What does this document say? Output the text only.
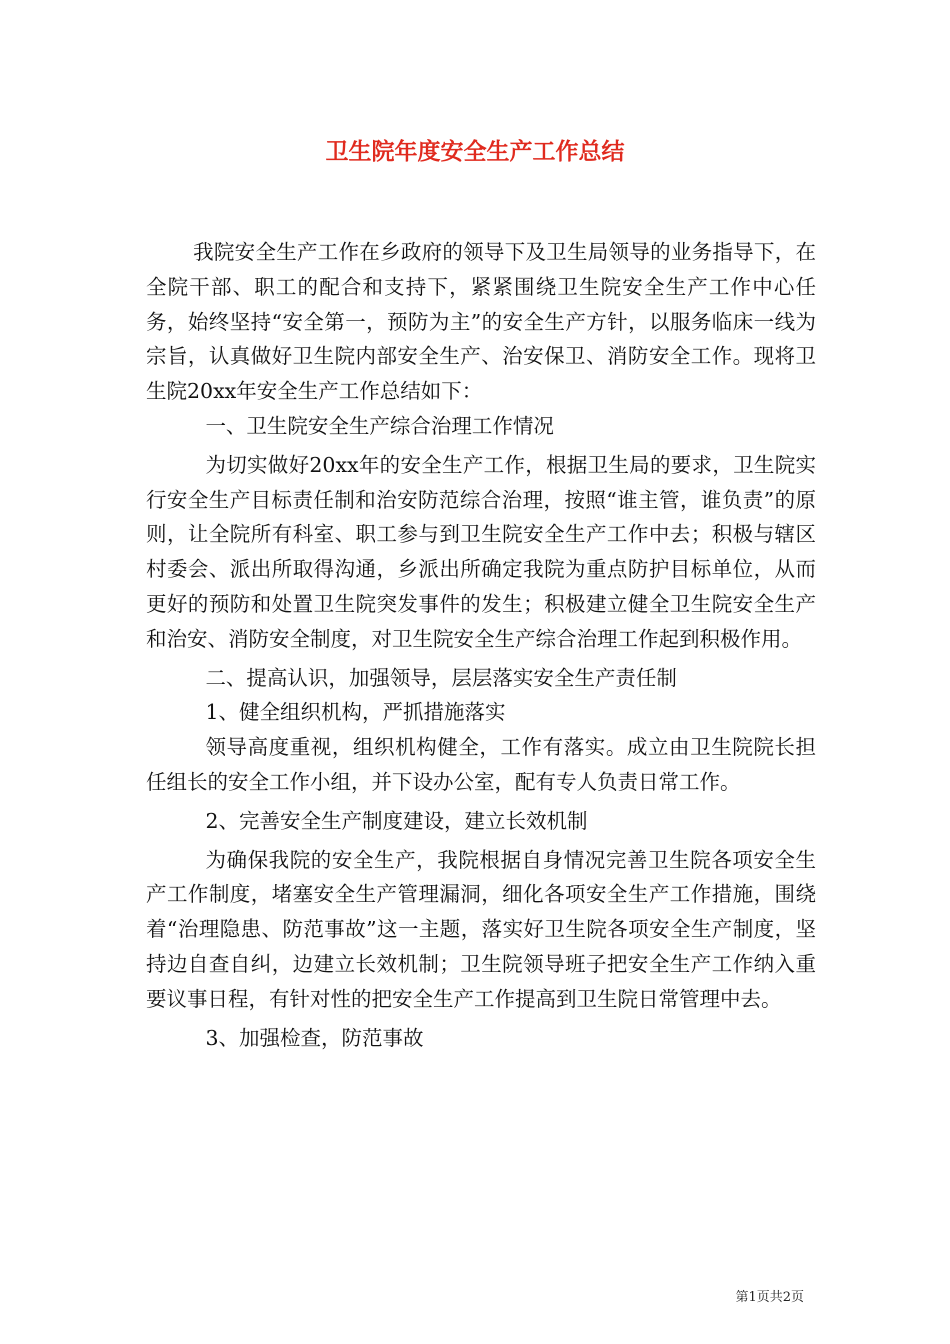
卫生院年度安全生产工作总结

我院安全生产工作在乡政府的领导下及卫生局领导的业务指导下，在全院干部、职工的配合和支持下，紧紧围绕卫生院安全生产工作中心任务，始终坚持“安全第一，预防为主”的安全生产方针，以服务临床一线为宗旨，认真做好卫生院内部安全生产、治安保卫、消防安全工作。现将卫生院20xx年安全生产工作总结如下：

一、卫生院安全生产综合治理工作情况

为切实做好20xx年的安全生产工作，根据卫生局的要求，卫生院实行安全生产目标责任制和治安防范综合治理，按照“谁主管，谁负责”的原则，让全院所有科室、职工参与到卫生院安全生产工作中去；积极与辖区村委会、派出所取得沟通，乡派出所确定我院为重点防护目标单位，从而更好的预防和处置卫生院突发事件的发生；积极建立健全卫生院安全生产和治安、消防安全制度，对卫生院安全生产综合治理工作起到积极作用。

二、提高认识，加强领导，层层落实安全生产责任制

1、健全组织机构，严抓措施落实

领导高度重视，组织机构健全，工作有落实。成立由卫生院院长担任组长的安全工作小组，并下设办公室，配有专人负责日常工作。

2、完善安全生产制度建设，建立长效机制

为确保我院的安全生产，我院根据自身情况完善卫生院各项安全生产工作制度，堵塞安全生产管理漏洞，细化各项安全生产工作措施，围绕着“治理隐患、防范事故”这一主题，落实好卫生院各项安全生产制度，坚持边自查自纠，边建立长效机制；卫生院领导班子把安全生产工作纳入重要议事日程，有针对性的把安全生产工作提高到卫生院日常管理中去。

3、加强检查，防范事故

第1页共2页
